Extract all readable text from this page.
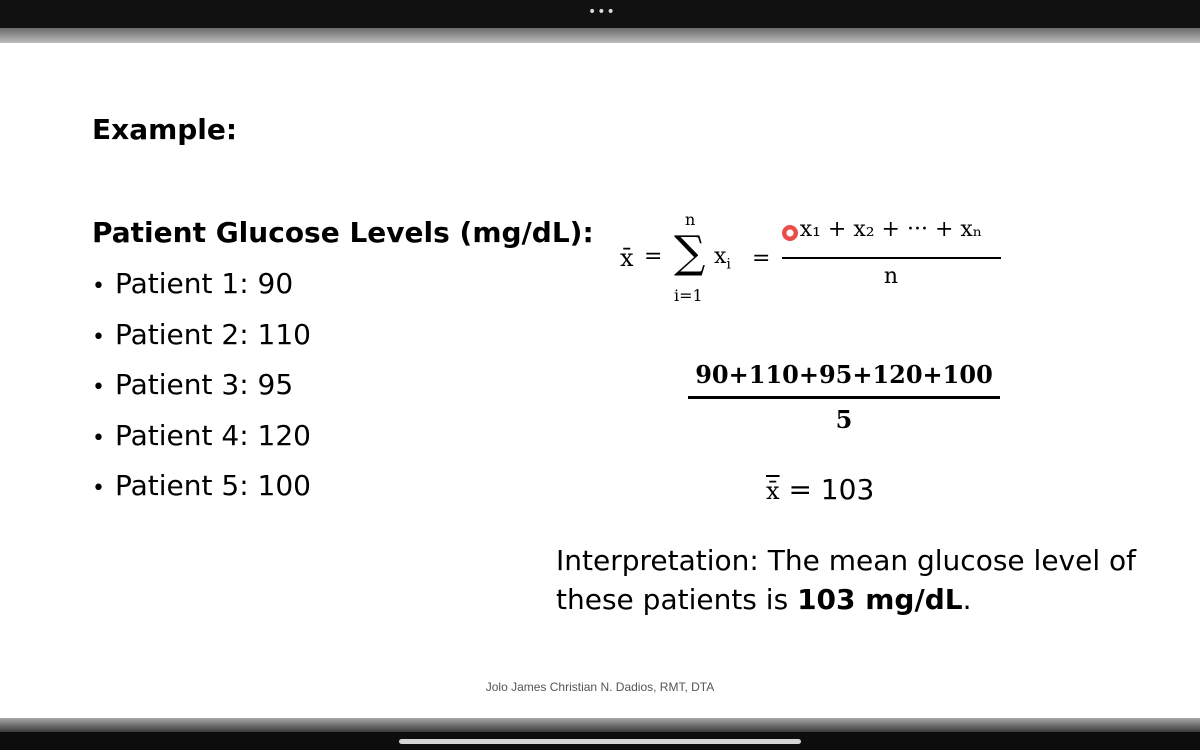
•••
Example:
Patient Glucose Levels (mg/dL):
• Patient 1: 90
• Patient 2: 110
• Patient 3: 95
• Patient 4: 120
• Patient 5: 100
x̄ =
n
∑
i=1
$x_i$ =
x₁ + x₂ + ··· + xₙ
n
90+110+95+120+100
5
x̄ = 103

Interpretation: The mean glucose level of these patients is 103 mg/dL.

Jolo James Christian N. Dadios, RMT, DTA
